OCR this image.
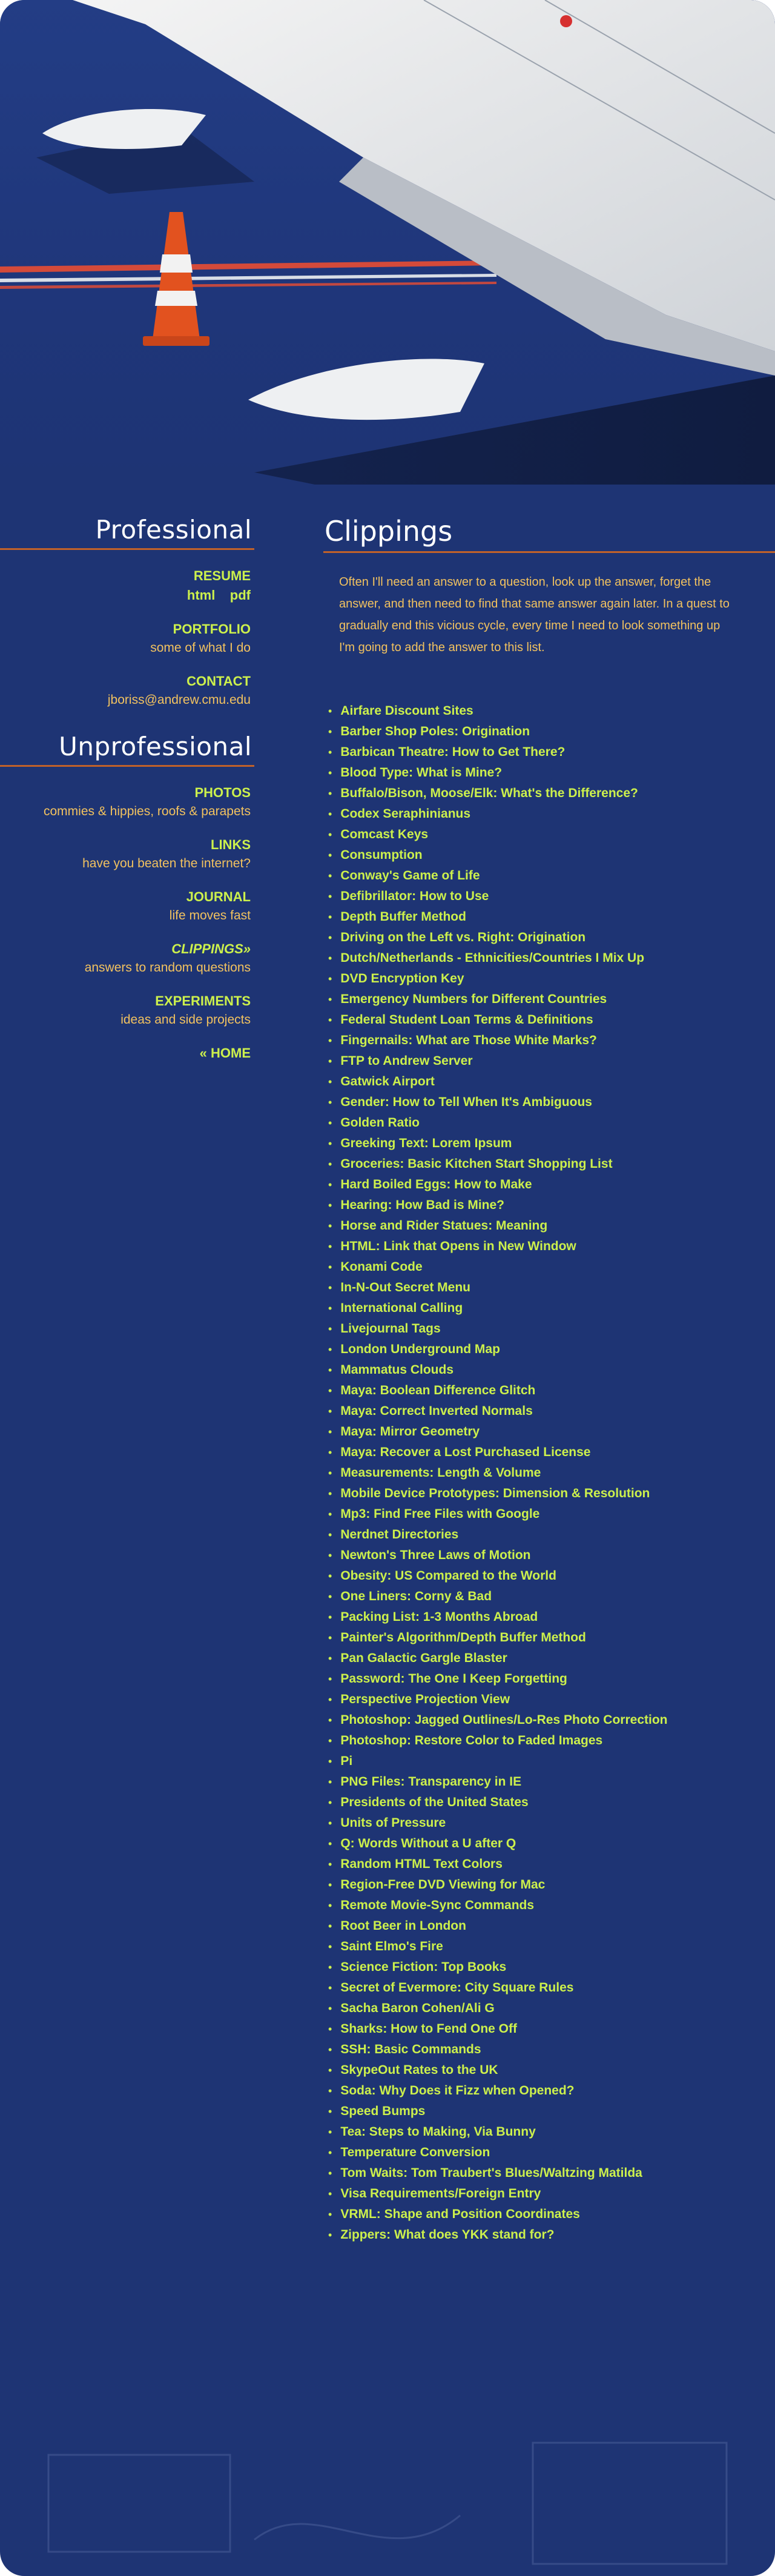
Professional
RESUME
html pdf
PORTFOLIO
some of what I do
CONTACT
jboriss@andrew.cmu.edu
Unprofessional
PHOTOS
commies & hippies, roofs & parapets
LINKS
have you beaten the internet?
JOURNAL
life moves fast
CLIPPINGS»
answers to random questions
EXPERIMENTS
ideas and side projects
« HOME
Clippings

Often I'll need an answer to a question, look up the answer, forget the answer, and then need to find that same answer again later. In a quest to gradually end this vicious cycle, every time I need to look something up I'm going to add the answer to this list.

• Airfare Discount Sites
• Barber Shop Poles: Origination
• Barbican Theatre: How to Get There?
• Blood Type: What is Mine?
• Buffalo/Bison, Moose/Elk: What's the Difference?
• Codex Seraphinianus
• Comcast Keys
• Consumption
• Conway's Game of Life
• Defibrillator: How to Use
• Depth Buffer Method
• Driving on the Left vs. Right: Origination
• Dutch/Netherlands - Ethnicities/Countries I Mix Up
• DVD Encryption Key
• Emergency Numbers for Different Countries
• Federal Student Loan Terms & Definitions
• Fingernails: What are Those White Marks?
• FTP to Andrew Server
• Gatwick Airport
• Gender: How to Tell When It's Ambiguous
• Golden Ratio
• Greeking Text: Lorem Ipsum
• Groceries: Basic Kitchen Start Shopping List
• Hard Boiled Eggs: How to Make
• Hearing: How Bad is Mine?
• Horse and Rider Statues: Meaning
• HTML: Link that Opens in New Window
• Konami Code
• In-N-Out Secret Menu
• International Calling
• Livejournal Tags
• London Underground Map
• Mammatus Clouds
• Maya: Boolean Difference Glitch
• Maya: Correct Inverted Normals
• Maya: Mirror Geometry
• Maya: Recover a Lost Purchased License
• Measurements: Length & Volume
• Mobile Device Prototypes: Dimension & Resolution
• Mp3: Find Free Files with Google
• Nerdnet Directories
• Newton's Three Laws of Motion
• Obesity: US Compared to the World
• One Liners: Corny & Bad
• Packing List: 1-3 Months Abroad
• Painter's Algorithm/Depth Buffer Method
• Pan Galactic Gargle Blaster
• Password: The One I Keep Forgetting
• Perspective Projection View
• Photoshop: Jagged Outlines/Lo-Res Photo Correction
• Photoshop: Restore Color to Faded Images
• Pi
• PNG Files: Transparency in IE
• Presidents of the United States
• Units of Pressure
• Q: Words Without a U after Q
• Random HTML Text Colors
• Region-Free DVD Viewing for Mac
• Remote Movie-Sync Commands
• Root Beer in London
• Saint Elmo's Fire
• Science Fiction: Top Books
• Secret of Evermore: City Square Rules
• Sacha Baron Cohen/Ali G
• Sharks: How to Fend One Off
• SSH: Basic Commands
• SkypeOut Rates to the UK
• Soda: Why Does it Fizz when Opened?
• Speed Bumps
• Tea: Steps to Making, Via Bunny
• Temperature Conversion
• Tom Waits: Tom Traubert's Blues/Waltzing Matilda
• Visa Requirements/Foreign Entry
• VRML: Shape and Position Coordinates
• Zippers: What does YKK stand for?
